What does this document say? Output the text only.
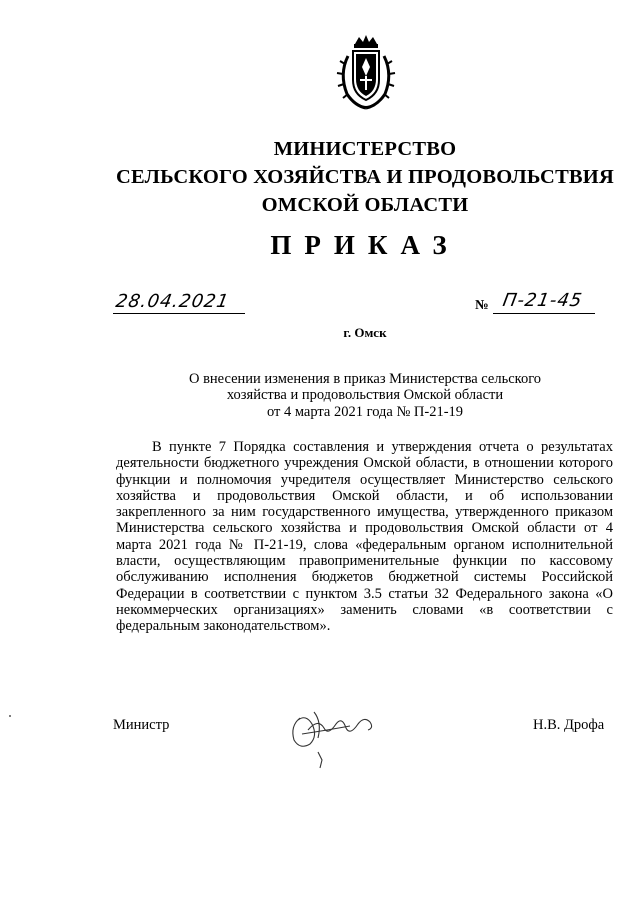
МИНИСТЕРСТВО
СЕЛЬСКОГО ХОЗЯЙСТВА И ПРОДОВОЛЬСТВИЯ
ОМСКОЙ ОБЛАСТИ
ПРИКАЗ
28.04.2021	№ П-21-45
г. Омск
О внесении изменения в приказ Министерства сельского
хозяйства и продовольствия Омской области
от 4 марта 2021 года № П-21-19

В пункте 7 Порядка составления и утверждения отчета о результатах деятельности бюджетного учреждения Омской области, в отношении которого функции и полномочия учредителя осуществляет Министерство сельского хозяйства и продовольствия Омской области, и об использовании закрепленного за ним государственного имущества, утвержденного приказом Министерства сельского хозяйства и продовольствия Омской области от 4 марта 2021 года № П-21-19, слова «федеральным органом исполнительной власти, осуществляющим правоприменительные функции по кассовому обслуживанию исполнения бюджетов бюджетной системы Российской Федерации в соответствии с пунктом 3.5 статьи 32 Федерального закона «О некоммерческих организациях» заменить словами «в соответствии с федеральным законодательством».

Министр	Н.В. Дрофа
